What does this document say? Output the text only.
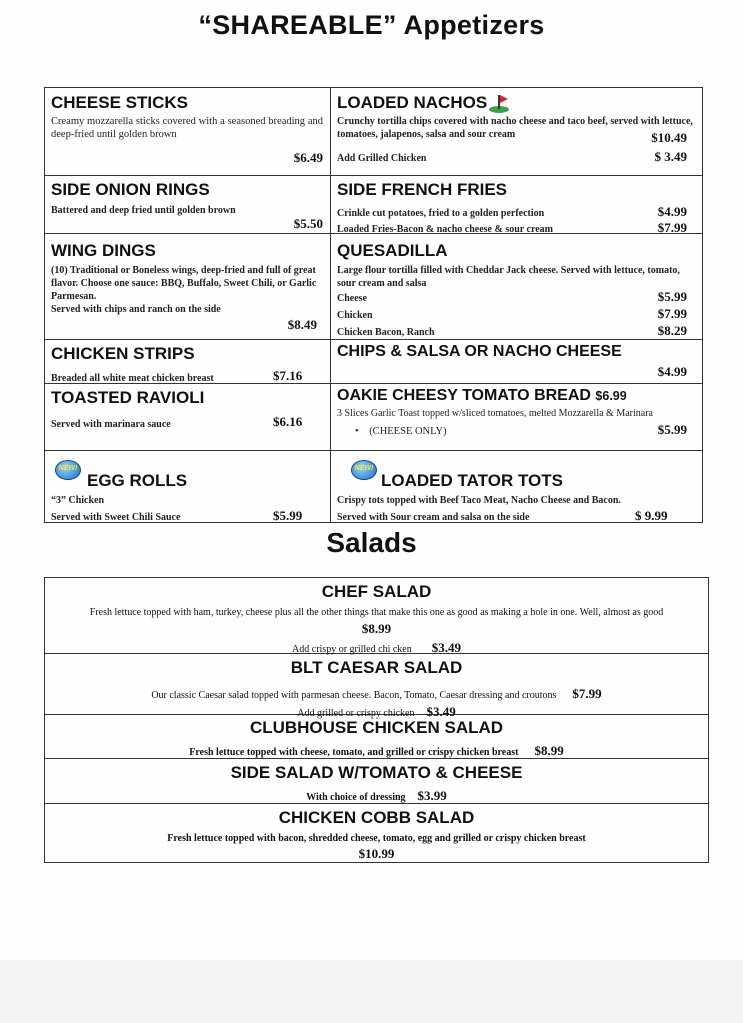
“SHAREABLE” Appetizers
CHEESE STICKS
Creamy mozzarella sticks covered with a seasoned breading and deep-fried until golden brown
$6.49
LOADED NACHOS
Crunchy tortilla chips covered with nacho cheese and taco beef, served with lettuce, tomatoes, jalapenos, salsa and sour cream	$10.49
Add Grilled Chicken	$ 3.49
SIDE ONION RINGS
Battered and deep fried until golden brown
$5.50
SIDE FRENCH FRIES
Crinkle cut potatoes, fried to a golden perfection	$4.99
Loaded Fries-Bacon & nacho cheese & sour cream	$7.99
WING DINGS
(10) Traditional or Boneless wings, deep-fried and full of great flavor. Choose one sauce: BBQ, Buffalo, Sweet Chili, or Garlic Parmesan.
Served with chips and ranch on the side
$8.49
QUESADILLA
Large flour tortilla filled with Cheddar Jack cheese. Served with lettuce, tomato, sour cream and salsa
Cheese	$5.99
Chicken	$7.99
Chicken Bacon, Ranch	$8.29
CHICKEN STRIPS
Breaded all white meat chicken breast	$7.16
CHIPS & SALSA OR NACHO CHEESE
$4.99
TOASTED RAVIOLI
Served with marinara sauce	$6.16
OAKIE CHEESY TOMATO BREAD $6.99
3 Slices Garlic Toast topped w/sliced tomatoes, melted Mozzarella & Marinara
• (CHEESE ONLY)	$5.99
NEW!
EGG ROLLS
“3” Chicken
Served with Sweet Chili Sauce	$5.99
NEW!
LOADED TATOR TOTS
Crispy tots topped with Beef Taco Meat, Nacho Cheese and Bacon.
Served with Sour cream and salsa on the side	$ 9.99
Salads
CHEF SALAD
Fresh lettuce topped with ham, turkey, cheese plus all the other things that make this one as good as making a hole in one. Well, almost as good
$8.99
Add crispy or grilled chi cken $3.49
BLT CAESAR SALAD
Our classic Caesar salad topped with parmesan cheese. Bacon, Tomato, Caesar dressing and croutons $7.99
Add grilled or crispy chicken $3.49
CLUBHOUSE CHICKEN SALAD
Fresh lettuce topped with cheese, tomato, and grilled or crispy chicken breast $8.99
SIDE SALAD W/TOMATO & CHEESE
With choice of dressing $3.99
CHICKEN COBB SALAD
Fresh lettuce topped with bacon, shredded cheese, tomato, egg and grilled or crispy chicken breast
$10.99
